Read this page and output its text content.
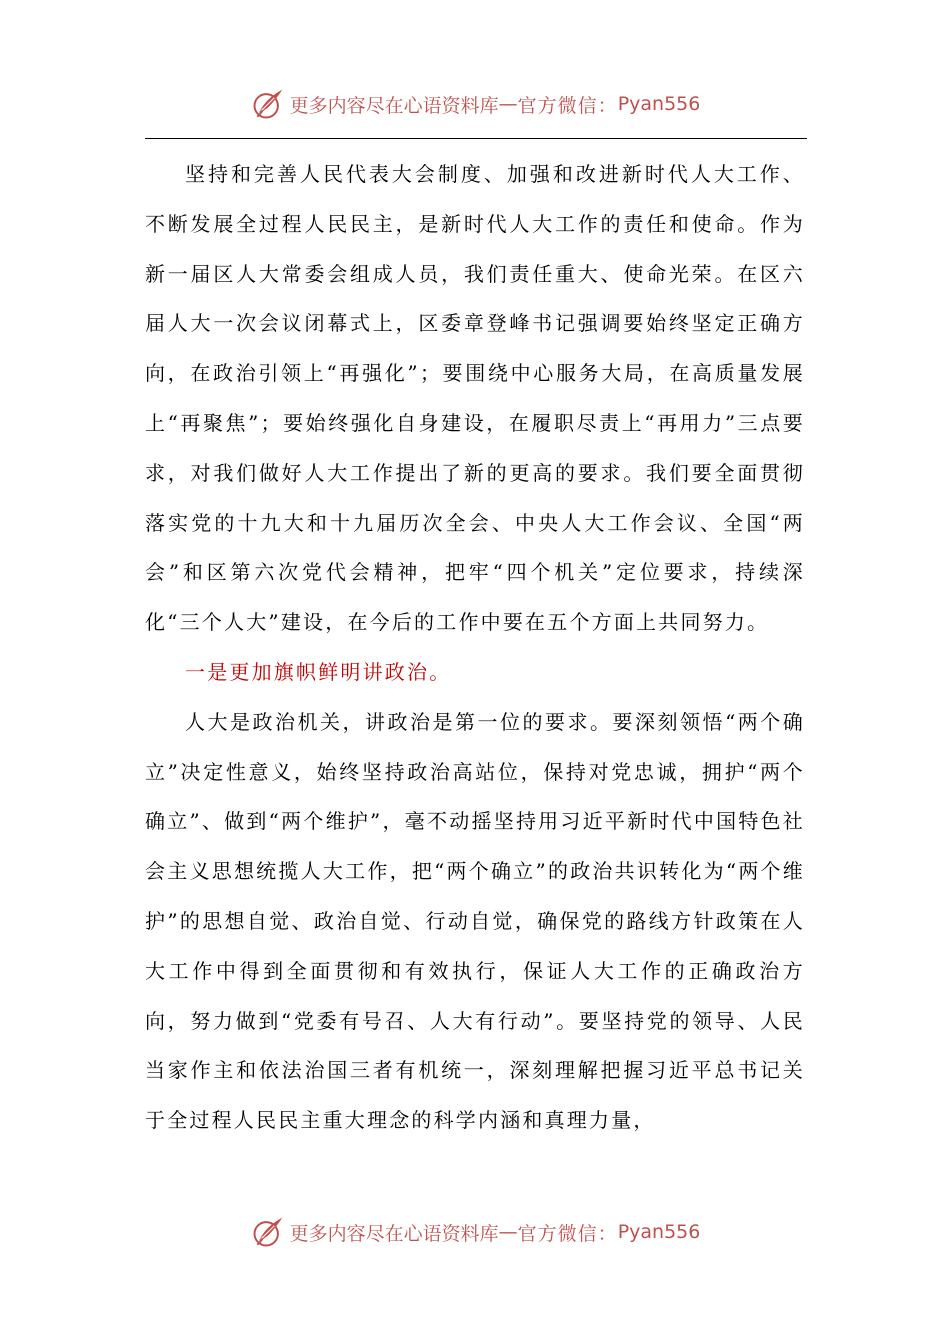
更多内容尽在心语资料库 — 官方微信： Pyan556

坚持和完善人民代表大会制度、加强和改进新时代人大工作、不断发展全过程人民民主，是新时代人大工作的责任和使命。作为新一届区人大常委会组成人员，我们责任重大、使命光荣。在区六届人大一次会议闭幕式上，区委章登峰书记强调要始终坚定正确方向，在政治引领上“再强化”；要围绕中心服务大局，在高质量发展上“再聚焦”；要始终强化自身建设，在履职尽责上“再用力”三点要求，对我们做好人大工作提出了新的更高的要求。我们要全面贯彻落实党的十九大和十九届历次全会、中央人大工作会议、全国“两会”和区第六次党代会精神，把牢“四个机关”定位要求，持续深化“三个人大”建设，在今后的工作中要在五个方面上共同努力。

一是更加旗帜鲜明讲政治。

人大是政治机关，讲政治是第一位的要求。要深刻领悟“两个确立”决定性意义，始终坚持政治高站位，保持对党忠诚，拥护“两个确立”、做到“两个维护”，毫不动摇坚持用习近平新时代中国特色社会主义思想统揽人大工作，把“两个确立”的政治共识转化为“两个维护”的思想自觉、政治自觉、行动自觉，确保党的路线方针政策在人大工作中得到全面贯彻和有效执行，保证人大工作的正确政治方向，努力做到“党委有号召、人大有行动”。要坚持党的领导、人民当家作主和依法治国三者有机统一，深刻理解把握习近平总书记关于全过程人民民主重大理念的科学内涵和真理力量，

更多内容尽在心语资料库 — 官方微信： Pyan556
